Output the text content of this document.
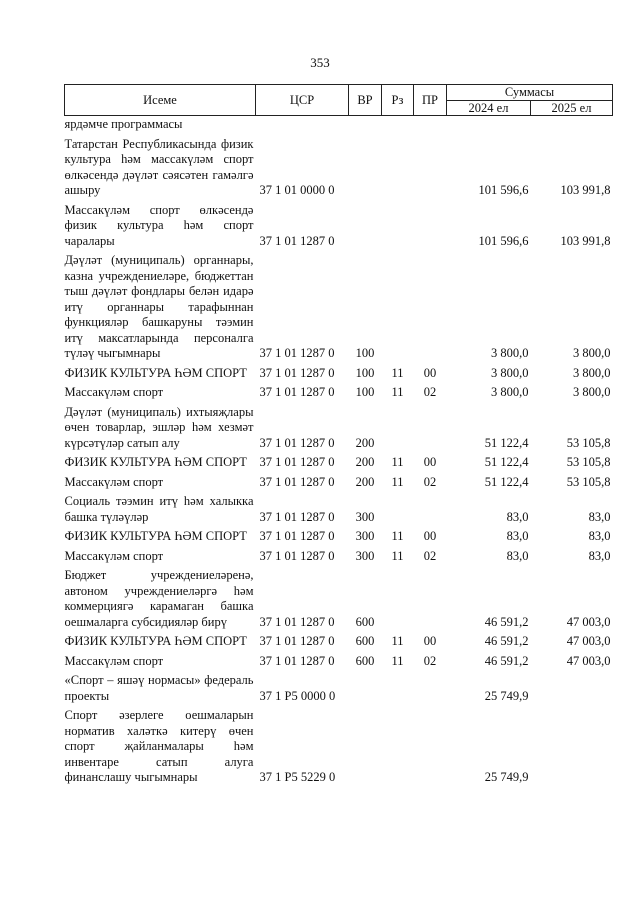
353
Исеме	ЦСР	ВР	Рз	ПР	Суммасы	
					2024 ел	2025 ел
ярдәмче программасы						
Татарстан Республикасында физик культура һәм массакүләм спорт өлкәсендә дәүләт сәясәтен гамәлгә ашыру	37 1 01 0000 0				101 596,6	103 991,8
Массакүләм спорт өлкәсендә физик культура һәм спорт чаралары	37 1 01 1287 0				101 596,6	103 991,8
Дәүләт (муниципаль) органнары, казна учреждениеләре, бюджеттан тыш дәүләт фондлары белән идарә итү органнары тарафыннан функцияләр башкаруны тәэмин итү максатларында персоналга түләү чыгымнары	37 1 01 1287 0	100			3 800,0	3 800,0
ФИЗИК КУЛЬТУРА ҺӘМ СПОРТ	37 1 01 1287 0	100	11	00	3 800,0	3 800,0
Массакүләм спорт	37 1 01 1287 0	100	11	02	3 800,0	3 800,0
Дәүләт (муниципаль) ихтыяҗлары өчен товарлар, эшләр һәм хезмәт күрсәтүләр сатып алу	37 1 01 1287 0	200			51 122,4	53 105,8
ФИЗИК КУЛЬТУРА ҺӘМ СПОРТ	37 1 01 1287 0	200	11	00	51 122,4	53 105,8
Массакүләм спорт	37 1 01 1287 0	200	11	02	51 122,4	53 105,8
Социаль тәэмин итү һәм халыкка башка түләүләр	37 1 01 1287 0	300			83,0	83,0
ФИЗИК КУЛЬТУРА ҺӘМ СПОРТ	37 1 01 1287 0	300	11	00	83,0	83,0
Массакүләм спорт	37 1 01 1287 0	300	11	02	83,0	83,0
Бюджет учреждениеләренә, автоном учреждениеләргә һәм коммерциягә карамаган башка оешмаларга субсидияләр бирү	37 1 01 1287 0	600			46 591,2	47 003,0
ФИЗИК КУЛЬТУРА ҺӘМ СПОРТ	37 1 01 1287 0	600	11	00	46 591,2	47 003,0
Массакүләм спорт	37 1 01 1287 0	600	11	02	46 591,2	47 003,0
«Спорт – яшәү нормасы» федераль проекты	37 1 P5 0000 0				25 749,9	
Спорт әзерлеге оешмаларын норматив халәткә китерү өчен спорт җайланмалары һәм инвентаре сатып алуга финанслашу чыгымнары	37 1 P5 5229 0				25 749,9	
